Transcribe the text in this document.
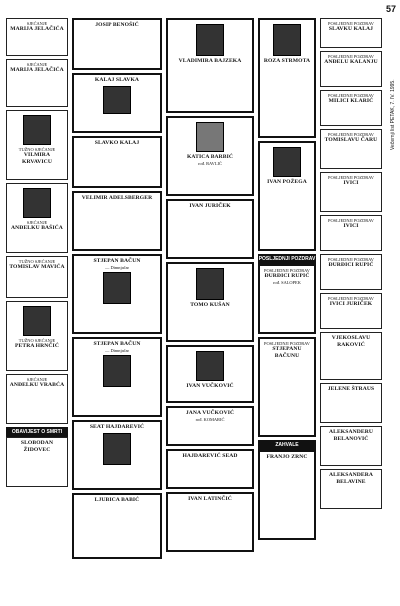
57
Večernji list PETAK, 7. IV. 1995.
SJEĆANJE
MARIJA JELAČIĆA

SJEĆANJE
MARIJA JELAČIĆA
TUŽNO SJEĆANJE
VILMIRA KRVAVICU
SJEĆANJE
ANĐELKU BAŠIĆA
TUŽNO SJEĆANJE
TOMISLAV MAVIĆA
TUŽNO SJEĆANJE
PETRA HRNČIĆ
SJEĆANJE
ANĐELKU VRABĆA
OBAVIJEST O SMRTI
SLOBODAN ŽIDOVEC
JOSIP BENOŠIĆ

KALAJ SLAVKA
SLAVKO KALAJ
VELIMIR ADELSBERGER
STJEPAN BAČUN
— Dimnjačar
STJEPAN BAČUN
— Dimnjačar
SEAT HAJDAREVIĆ
LJUBICA BABIĆ
VLADIMIRA BAJZEKA
KATICA BARBIĆ
rođ. RAVLIĆ
IVAN JURIČEK
TOMO KUŠAN
IVAN VUČKOVIĆ
JANA VUČKOVIĆ
rođ. KOMARIĆ
HAJDAREVIĆ SEAD
IVAN LATINČIĆ
ROZA STRMOTA
IVAN POŽEGA
POSLJEDNJI POZDRAV
POSLJEDNJI POZDRAV
ĐURĐICI RUPIĆ
rođ. SALOPEK
POSLJEDNJI POZDRAV
STJEPANU BAČUNU
ZAHVALE
FRANJO ZRNC
POSLJEDNJI POZDRAV
SLAVKU KALAJ
POSLJEDNJI POZDRAV
ANĐELU KALANJU
POSLJEDNJI POZDRAV
MILICI KLARIĆ
POSLJEDNJI POZDRAV
TOMISLAVU ČARU
POSLJEDNJI POZDRAV
IVICI
POSLJEDNJI POZDRAV
IVICI
POSLJEDNJI POZDRAV
ĐURĐICI RUPIĆ
POSLJEDNJI POZDRAV
IVICI JURIČEK
VJEKOSLAVU RAKOVIĆ
JELENE ŠTRAUS
ALEKSANDERU BELANOVIĆ
ALEKSANDERA BELAVINE
